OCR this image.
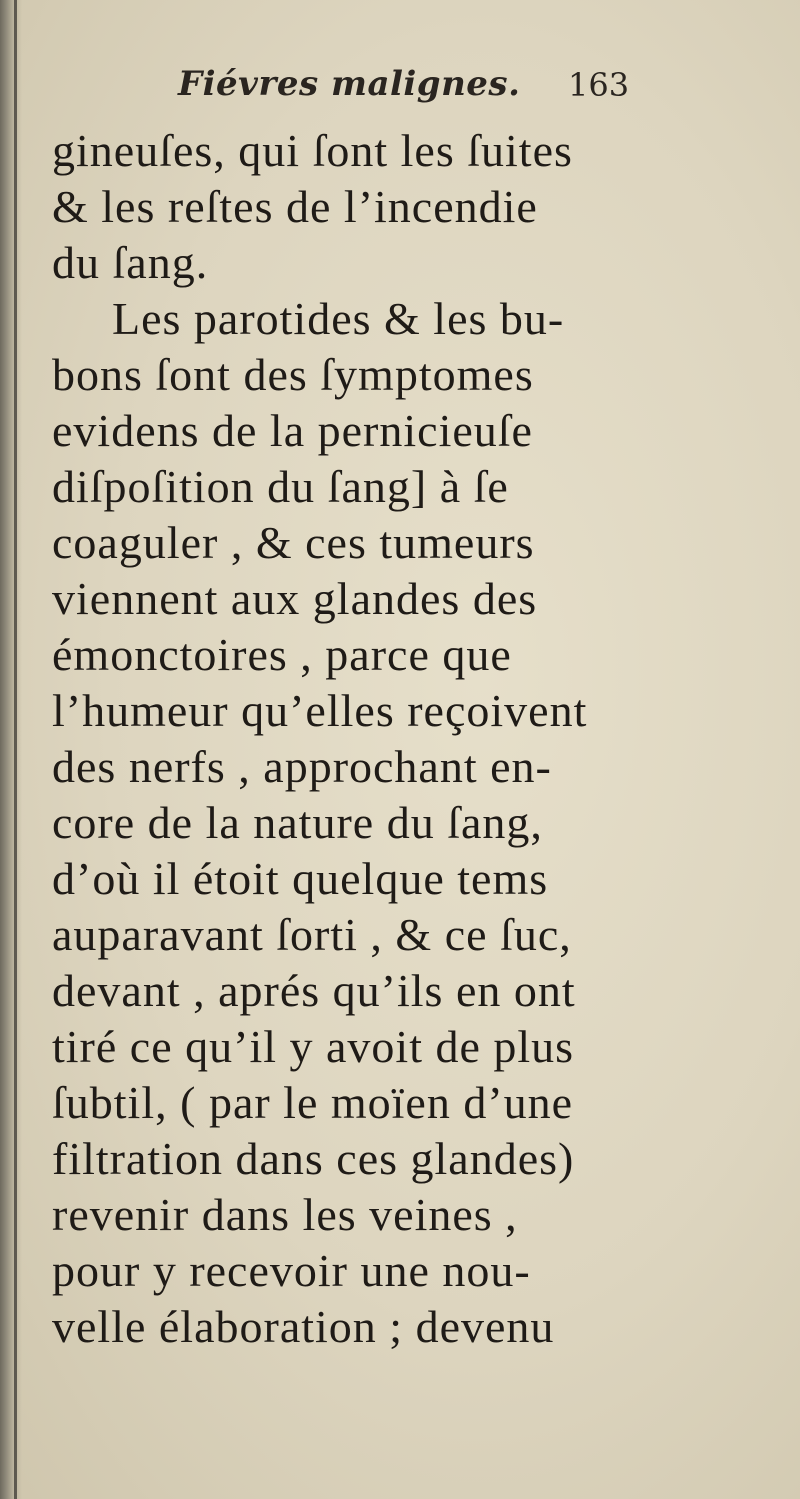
Fiévres malignes. 163
gineuſes, qui ſont les ſuites
& les reſtes de l’incendie
du ſang.
Les parotides & les bu-
bons ſont des ſymptomes
evidens de la pernicieuſe
diſpoſition du ſang] à ſe
coaguler , & ces tumeurs
viennent aux glandes des
émonctoires , parce que
l’humeur qu’elles reçoivent
des nerfs , approchant en-
core de la nature du ſang,
d’où il étoit quelque tems
auparavant ſorti , & ce ſuc,
devant , aprés qu’ils en ont
tiré ce qu’il y avoit de plus
ſubtil, ( par le moïen d’une
filtration dans ces glandes)
revenir dans les veines ,
pour y recevoir une nou-
velle élaboration ; devenu
